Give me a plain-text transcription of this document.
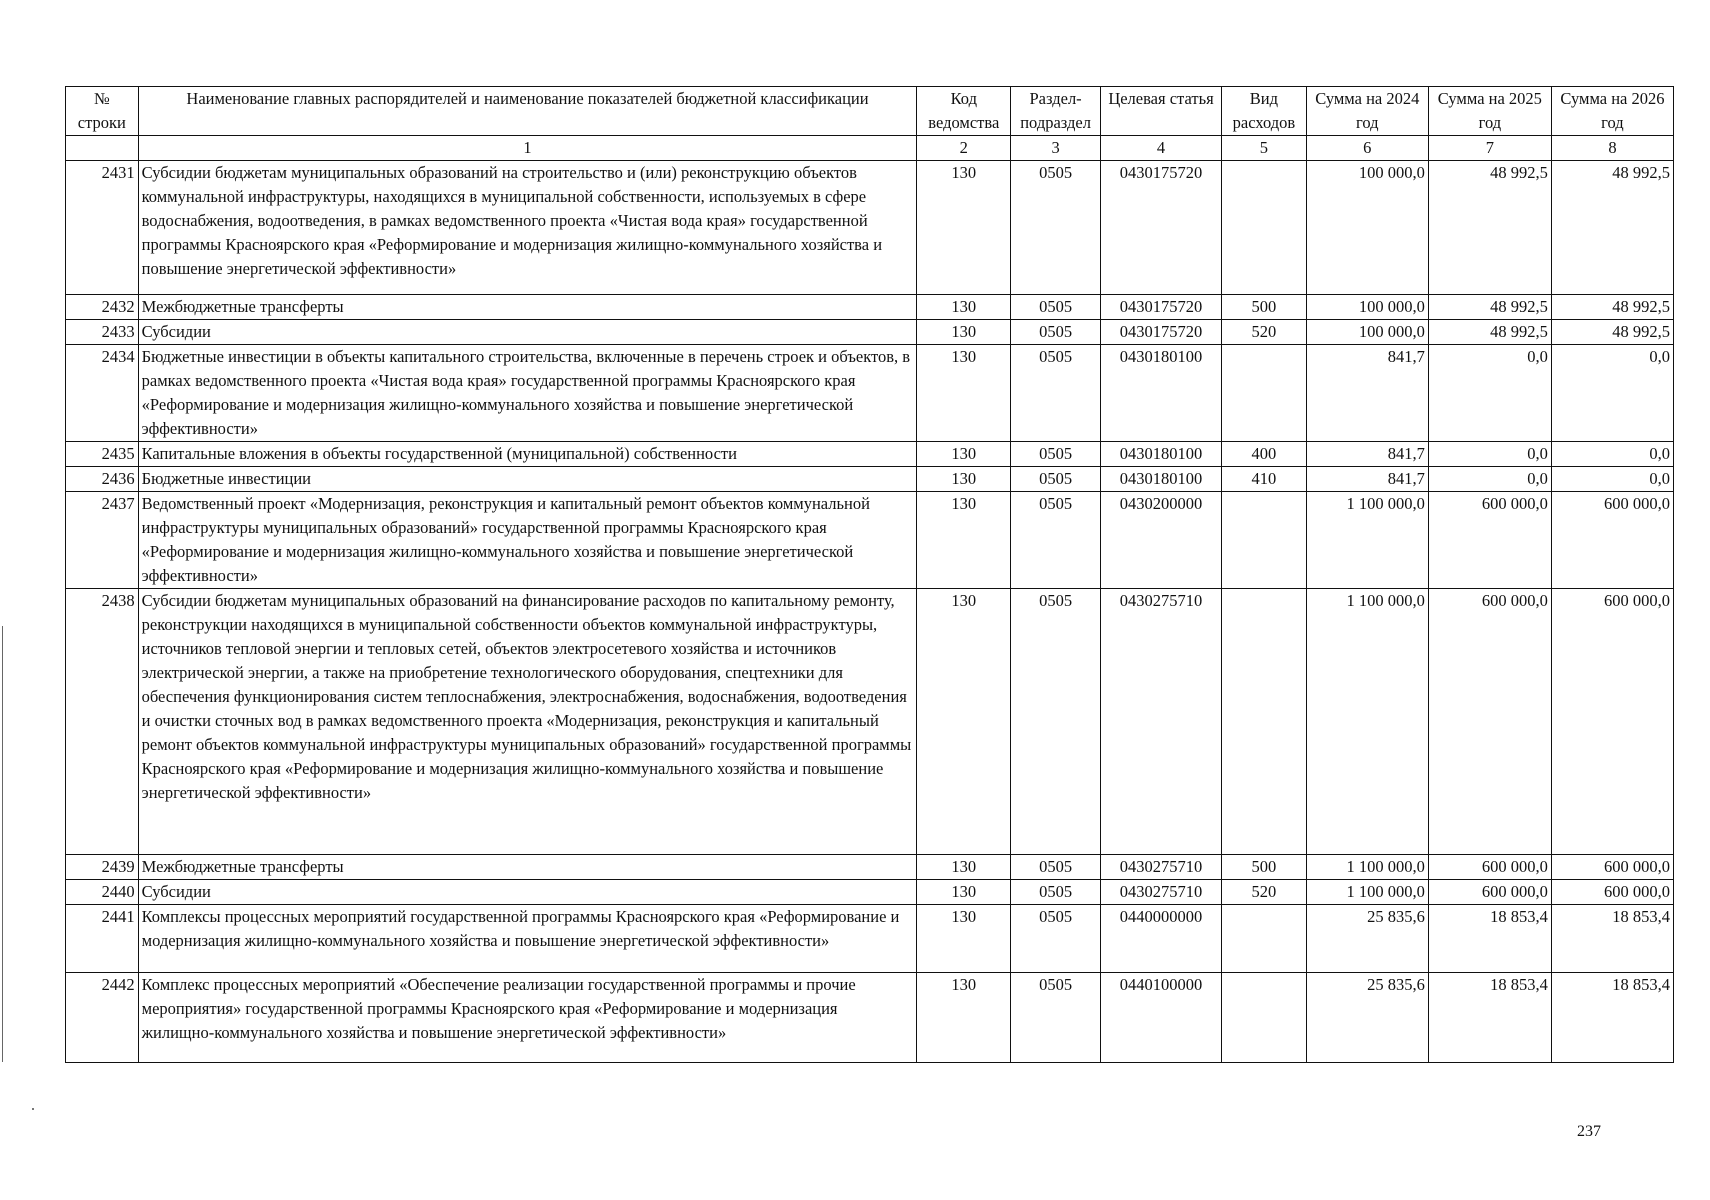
№ строки	Наименование главных распорядителей и наименование показателей бюджетной классификации	Код ведомства	Раздел-подраздел	Целевая статья	Вид расходов	Сумма на 2024 год	Сумма на 2025 год	Сумма на 2026 год
	1	2	3	4	5	6	7	8
2431	Субсидии бюджетам муниципальных образований на строительство и (или) реконструкцию объектов коммунальной инфраструктуры, находящихся в муниципальной собственности, используемых в сфере водоснабжения, водоотведения, в рамках ведомственного проекта «Чистая вода края» государственной программы Красноярского края «Реформирование и модернизация жилищно-коммунального хозяйства и повышение энергетической эффективности»	130	0505	0430175720		100 000,0	48 992,5	48 992,5
2432	Межбюджетные трансферты	130	0505	0430175720	500	100 000,0	48 992,5	48 992,5
2433	Субсидии	130	0505	0430175720	520	100 000,0	48 992,5	48 992,5
2434	Бюджетные инвестиции в объекты капитального строительства, включенные в перечень строек и объектов, в рамках ведомственного проекта «Чистая вода края» государственной программы Красноярского края «Реформирование и модернизация жилищно-коммунального хозяйства и повышение энергетической эффективности»	130	0505	0430180100		841,7	0,0	0,0
2435	Капитальные вложения в объекты государственной (муниципальной) собственности	130	0505	0430180100	400	841,7	0,0	0,0
2436	Бюджетные инвестиции	130	0505	0430180100	410	841,7	0,0	0,0
2437	Ведомственный проект «Модернизация, реконструкция и капитальный ремонт объектов коммунальной инфраструктуры муниципальных образований» государственной программы Красноярского края «Реформирование и модернизация жилищно-коммунального хозяйства и повышение энергетической эффективности»	130	0505	0430200000		1 100 000,0	600 000,0	600 000,0
2438	Субсидии бюджетам муниципальных образований на финансирование расходов по капитальному ремонту, реконструкции находящихся в муниципальной собственности объектов коммунальной инфраструктуры, источников тепловой энергии и тепловых сетей, объектов электросетевого хозяйства и источников электрической энергии, а также на приобретение технологического оборудования, спецтехники для обеспечения функционирования систем теплоснабжения, электроснабжения, водоснабжения, водоотведения и очистки сточных вод в рамках ведомственного проекта «Модернизация, реконструкция и капитальный ремонт объектов коммунальной инфраструктуры муниципальных образований» государственной программы Красноярского края «Реформирование и модернизация жилищно-коммунального хозяйства и повышение энергетической эффективности»	130	0505	0430275710		1 100 000,0	600 000,0	600 000,0
2439	Межбюджетные трансферты	130	0505	0430275710	500	1 100 000,0	600 000,0	600 000,0
2440	Субсидии	130	0505	0430275710	520	1 100 000,0	600 000,0	600 000,0
2441	Комплексы процессных мероприятий государственной программы Красноярского края «Реформирование и модернизация жилищно-коммунального хозяйства и повышение энергетической эффективности»	130	0505	0440000000		25 835,6	18 853,4	18 853,4
2442	Комплекс процессных мероприятий «Обеспечение реализации государственной программы и прочие мероприятия» государственной программы Красноярского края «Реформирование и модернизация жилищно-коммунального хозяйства и повышение энергетической эффективности»	130	0505	0440100000		25 835,6	18 853,4	18 853,4
237
